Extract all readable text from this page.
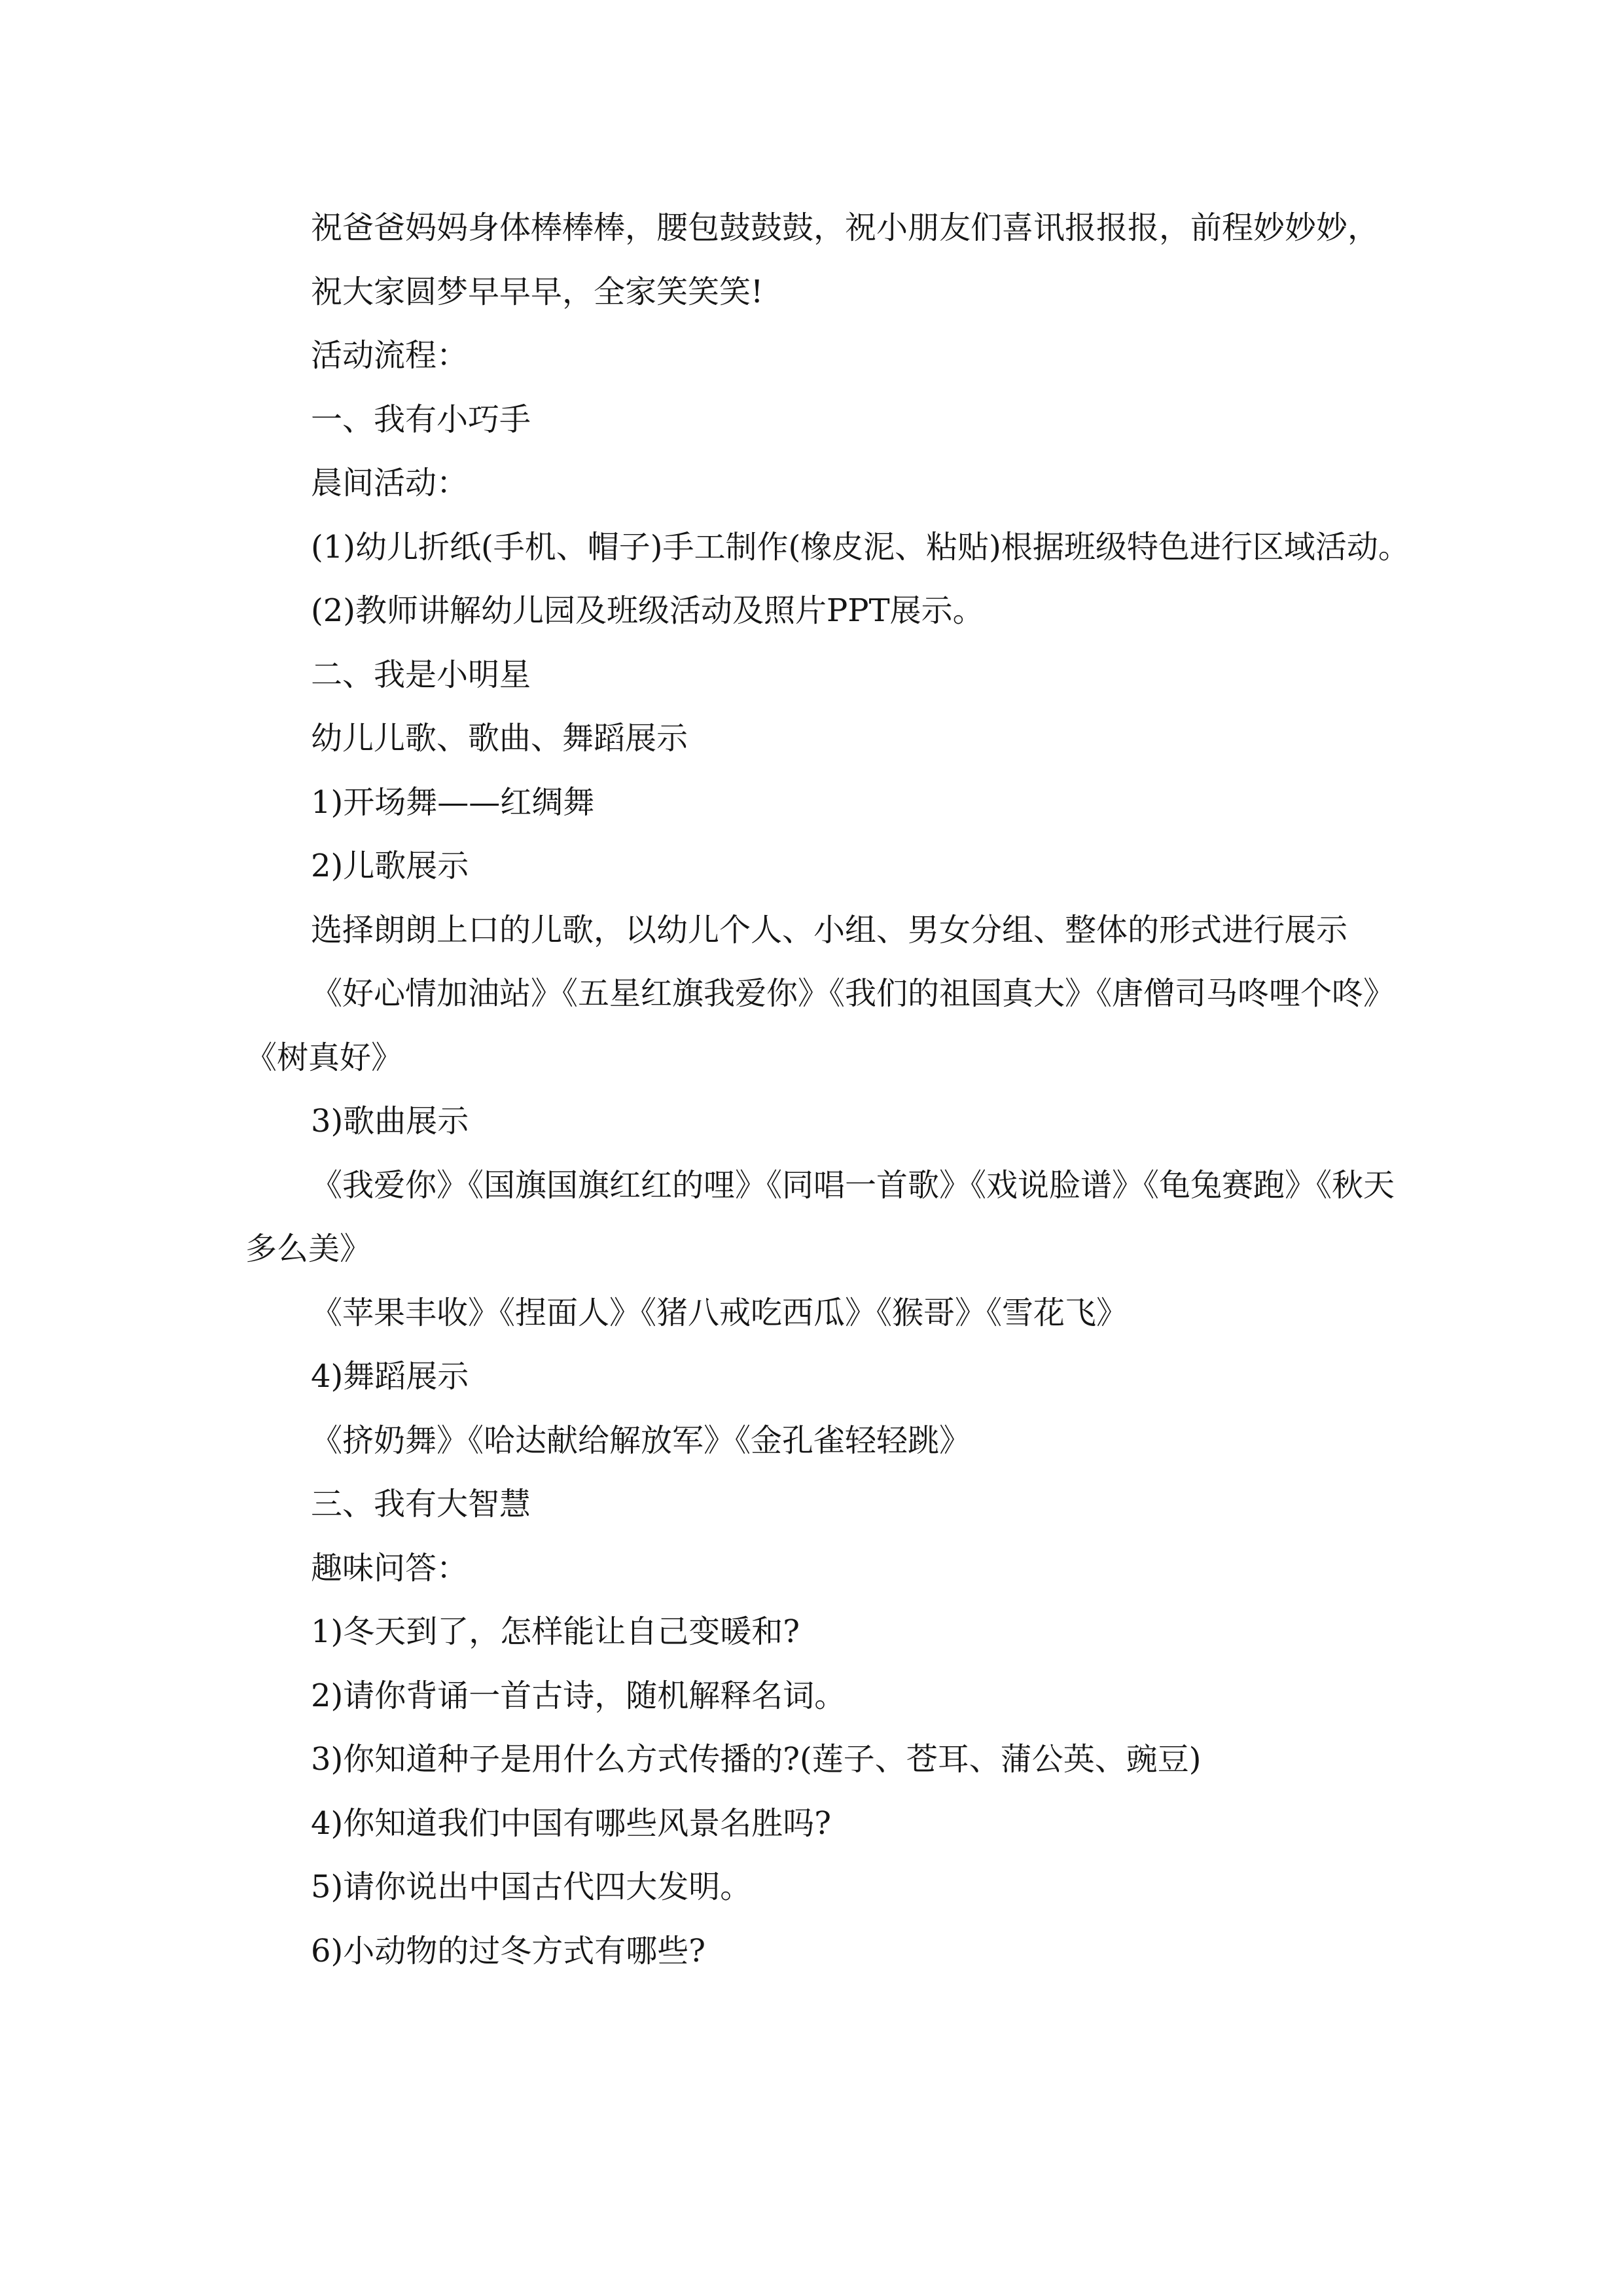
祝爸爸妈妈身体棒棒棒，腰包鼓鼓鼓，祝小朋友们喜讯报报报，前程妙妙妙，

祝大家圆梦早早早，全家笑笑笑!

活动流程：

一、我有小巧手

晨间活动：

(1)幼儿折纸(手机、帽子)手工制作(橡皮泥、粘贴)根据班级特色进行区域活动。

(2)教师讲解幼儿园及班级活动及照片PPT展示。

二、我是小明星

幼儿儿歌、歌曲、舞蹈展示

1)开场舞——红绸舞

2)儿歌展示

选择朗朗上口的儿歌，以幼儿个人、小组、男女分组、整体的形式进行展示

《好心情加油站》《五星红旗我爱你》《我们的祖国真大》《唐僧司马咚哩个咚》《树真好》

3)歌曲展示

《我爱你》《国旗国旗红红的哩》《同唱一首歌》《戏说脸谱》《龟兔赛跑》《秋天多么美》

《苹果丰收》《捏面人》《猪八戒吃西瓜》《猴哥》《雪花飞》

4)舞蹈展示

《挤奶舞》《哈达献给解放军》《金孔雀轻轻跳》

三、我有大智慧

趣味问答：

1)冬天到了，怎样能让自己变暖和?

2)请你背诵一首古诗，随机解释名词。

3)你知道种子是用什么方式传播的?(莲子、苍耳、蒲公英、豌豆)

4)你知道我们中国有哪些风景名胜吗?

5)请你说出中国古代四大发明。

6)小动物的过冬方式有哪些?
